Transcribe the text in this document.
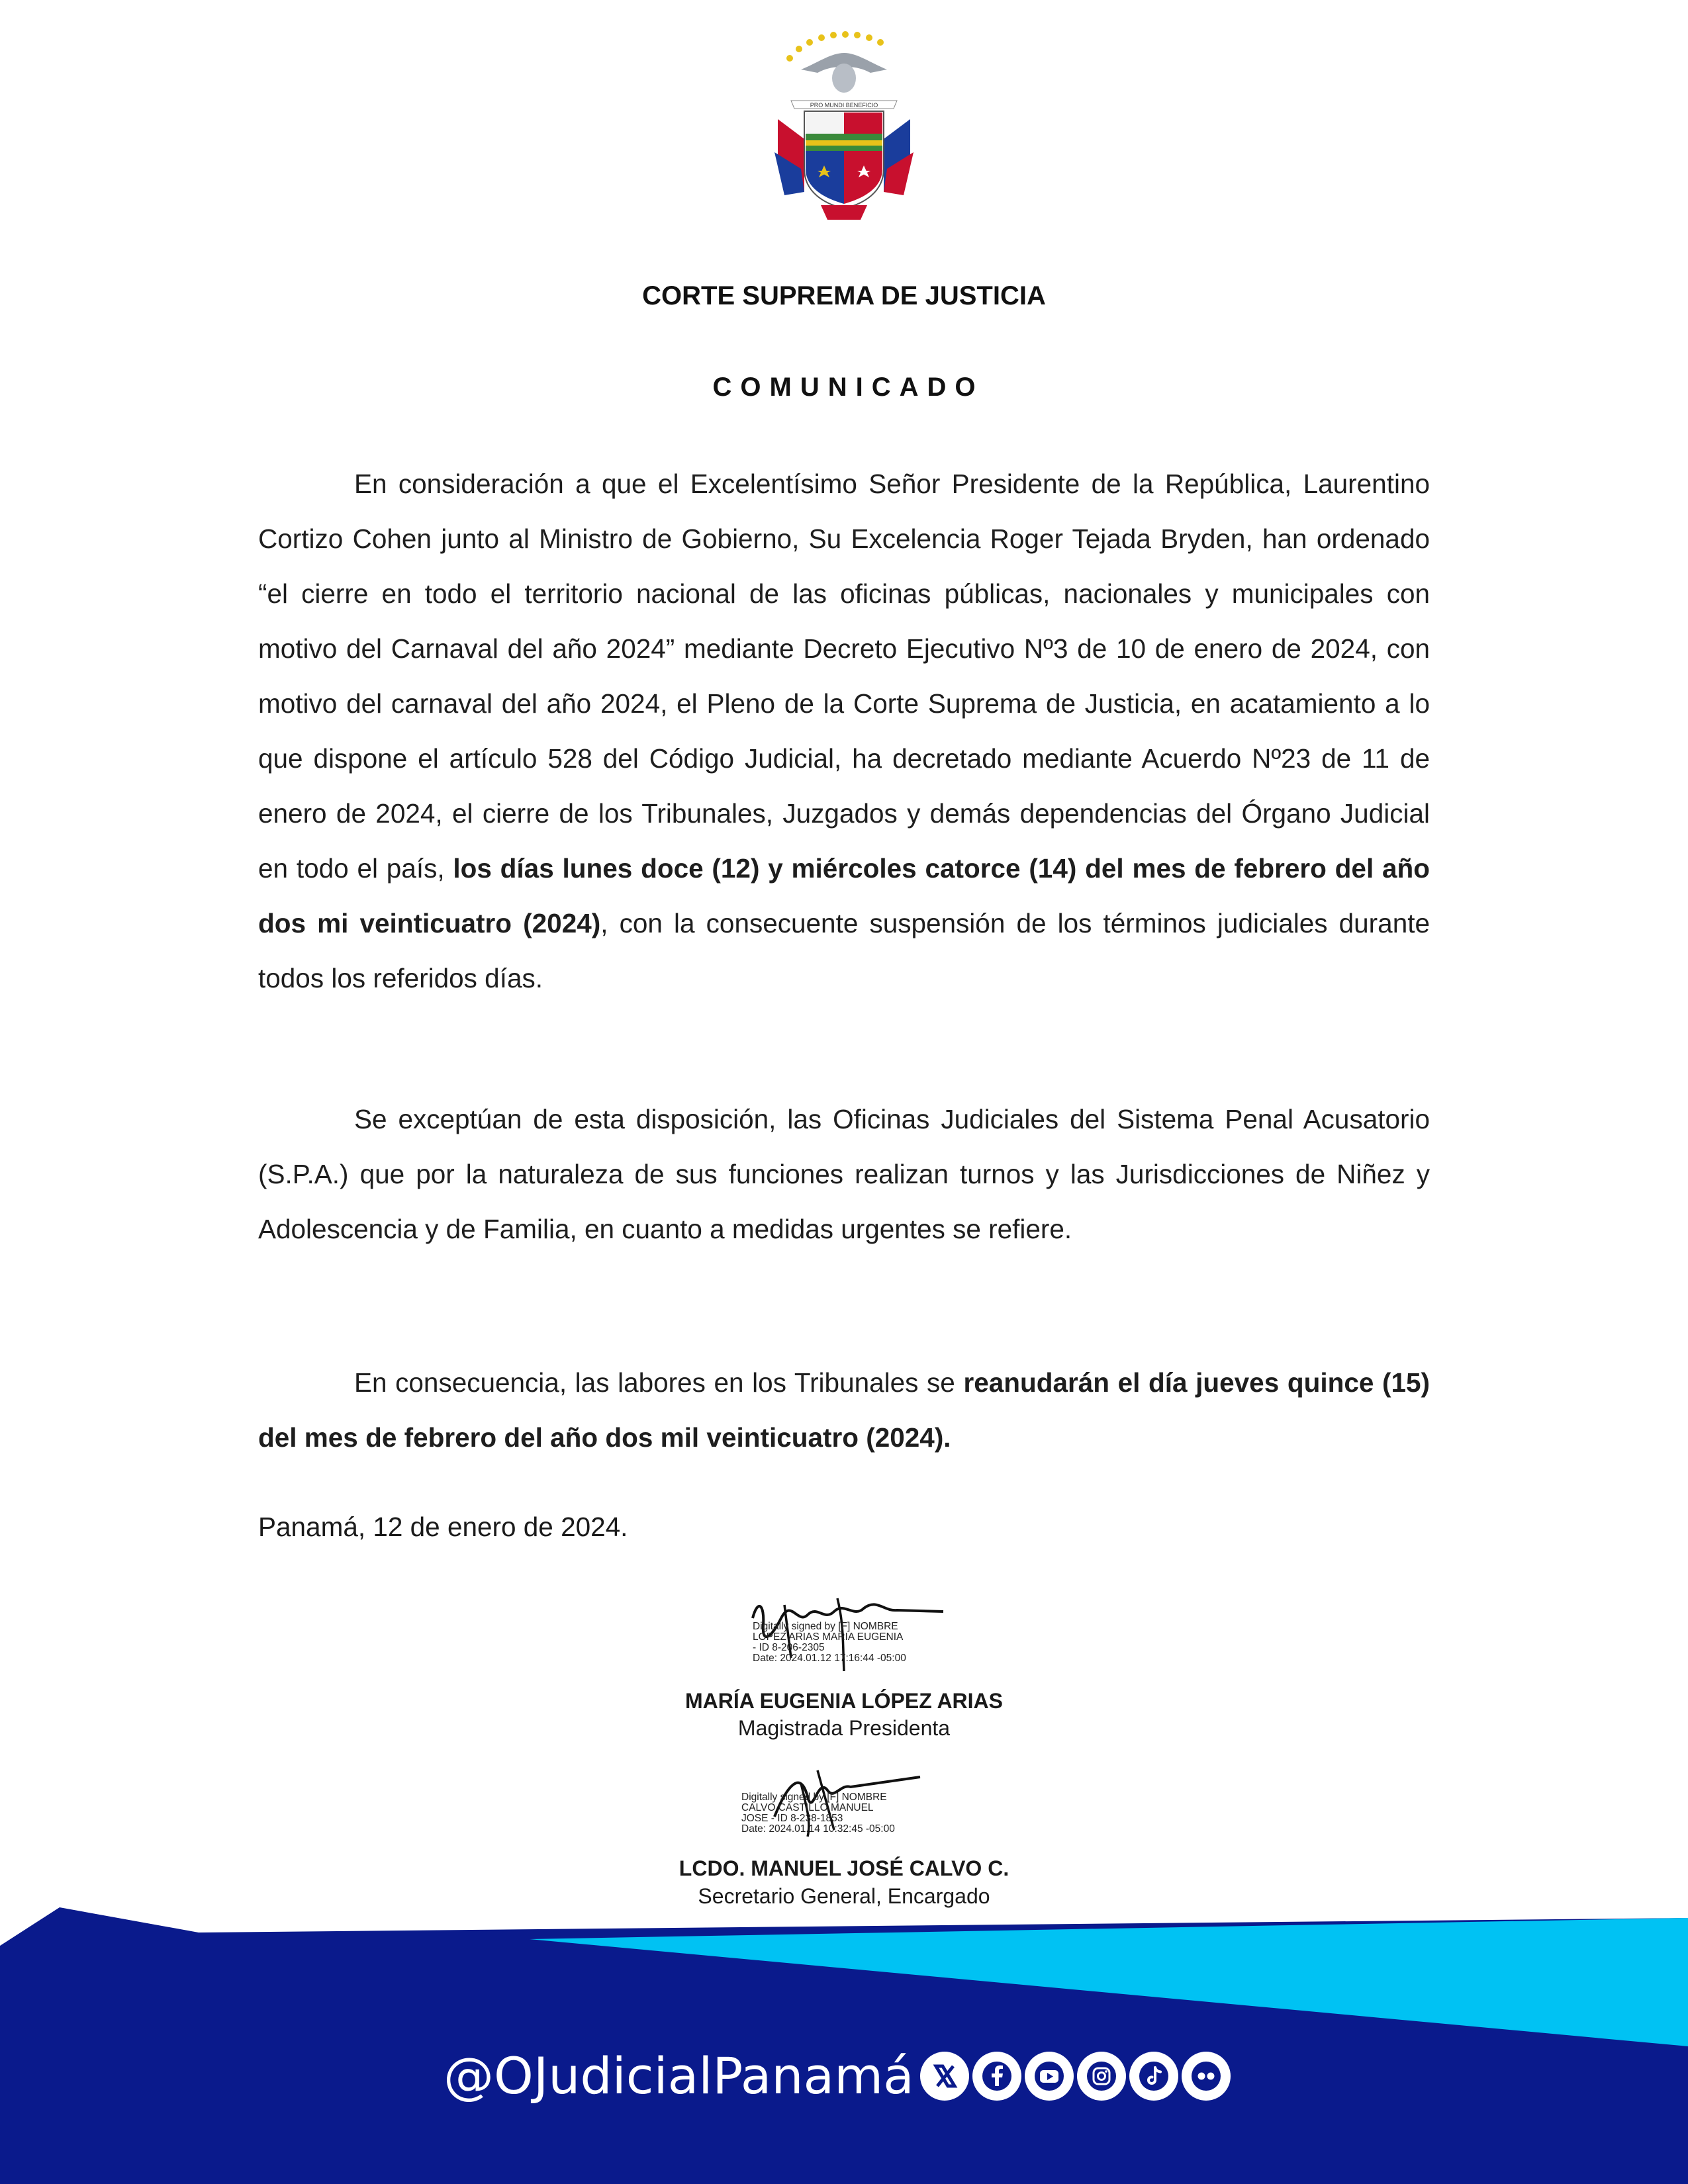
PRO MUNDI BENEFICIO
CORTE SUPREMA DE JUSTICIA
COMUNICADO

En consideración a que el Excelentísimo Señor Presidente de la República, Laurentino Cortizo Cohen junto al Ministro de Gobierno, Su Excelencia Roger Tejada Bryden, han ordenado “el cierre en todo el territorio nacional de las oficinas públicas, nacionales y municipales con motivo del Carnaval del año 2024” mediante Decreto Ejecutivo Nº3 de 10 de enero de 2024, con motivo del carnaval del año 2024, el Pleno de la Corte Suprema de Justicia, en acatamiento a lo que dispone el artículo 528 del Código Judicial, ha decretado mediante Acuerdo Nº23 de 11 de enero de 2024, el cierre de los Tribunales, Juzgados y demás dependencias del Órgano Judicial en todo el país, los días lunes doce (12) y miércoles catorce (14) del mes de febrero del año dos mi veinticuatro (2024), con la consecuente suspensión de los términos judiciales durante todos los referidos días.

Se exceptúan de esta disposición, las Oficinas Judiciales del Sistema Penal Acusatorio (S.P.A.) que por la naturaleza de sus funciones realizan turnos y las Jurisdicciones de Niñez y Adolescencia y de Familia, en cuanto a medidas urgentes se refiere.

En consecuencia, las labores en los Tribunales se reanudarán el día jueves quince (15) del mes de febrero del año dos mil veinticuatro (2024).

Panamá, 12 de enero de 2024.
Digitally signed by [F] NOMBRE
LOPEZ ARIAS MARIA EUGENIA
- ID 8-206-2305
Date: 2024.01.12 17:16:44 -05:00
MARÍA EUGENIA LÓPEZ ARIAS
Magistrada Presidenta
Digitally signed by [F] NOMBRE
CALVO CASTILLO MANUEL
JOSE - ID 8-238-1853
Date: 2024.01.14 10:32:45 -05:00
LCDO. MANUEL JOSÉ CALVO C.
Secretario General, Encargado
@OJudicialPanamá
